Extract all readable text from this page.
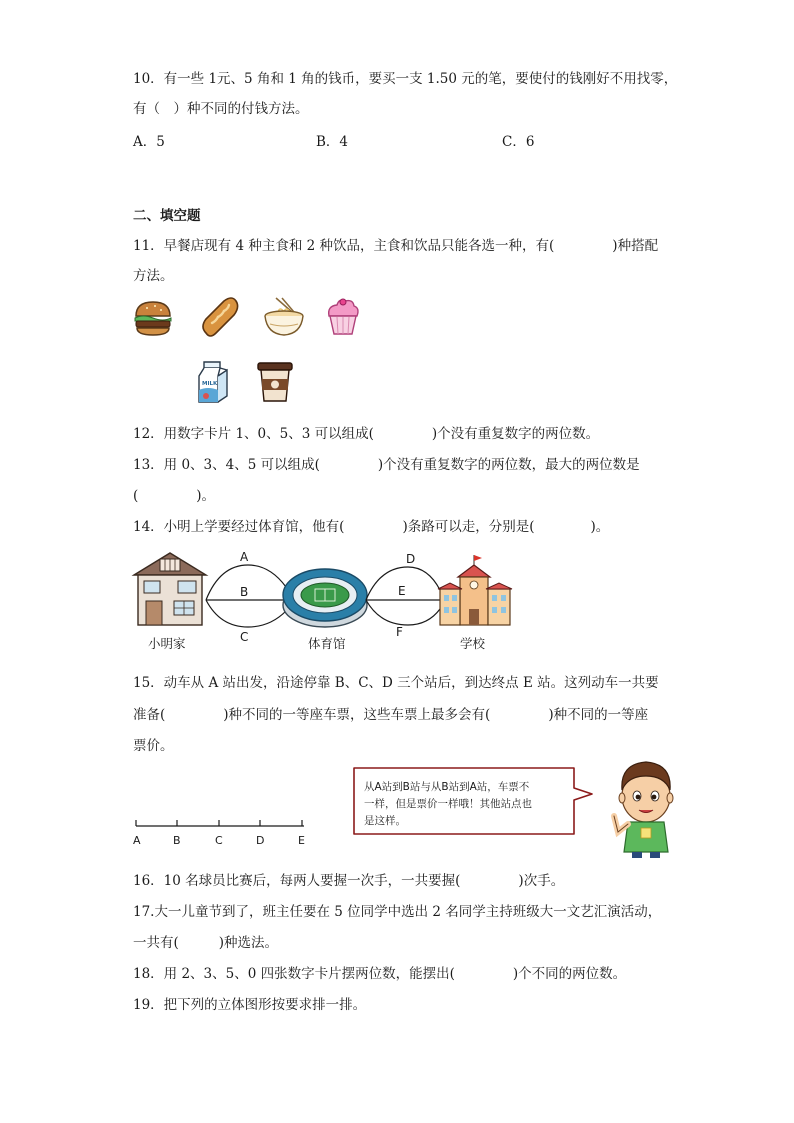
10．有一些 1元、5 角和 1 角的钱币，要买一支 1.50 元的笔，要使付的钱刚好不用找零，
有（　）种不同的付钱方法。
A．5	B．4	C．6
二、填空题
11．早餐店现有 4 种主食和 2 种饮品，主食和饮品只能各选一种，有(	)种搭配
方法。
MILK
12．用数字卡片 1、0、5、3 可以组成(	)个没有重复数字的两位数。
13．用 0、3、4、5 可以组成(	)个没有重复数字的两位数，最大的两位数是
(	)。
14．小明上学要经过体育馆，他有(	)条路可以走，分别是(	)。
A
B
C
D
E
F
小明家	体育馆	学校
15．动车从 A 站出发，沿途停靠 B、C、D 三个站后，到达终点 E 站。这列动车一共要
准备(	)种不同的一等座车票，这些车票上最多会有(	)种不同的一等座
票价。
A	B	C	D	E
从A站到B站与从B站到A站，车票不
一样，但是票价一样哦！其他站点也
是这样。
16．10 名球员比赛后，每两人要握一次手，一共要握(	)次手。
17.大一儿童节到了，班主任要在 5 位同学中选出 2 名同学主持班级大一文艺汇演活动，
一共有(	)种选法。
18．用 2、3、5、0 四张数字卡片摆两位数，能摆出(	)个不同的两位数。
19．把下列的立体图形按要求排一排。
